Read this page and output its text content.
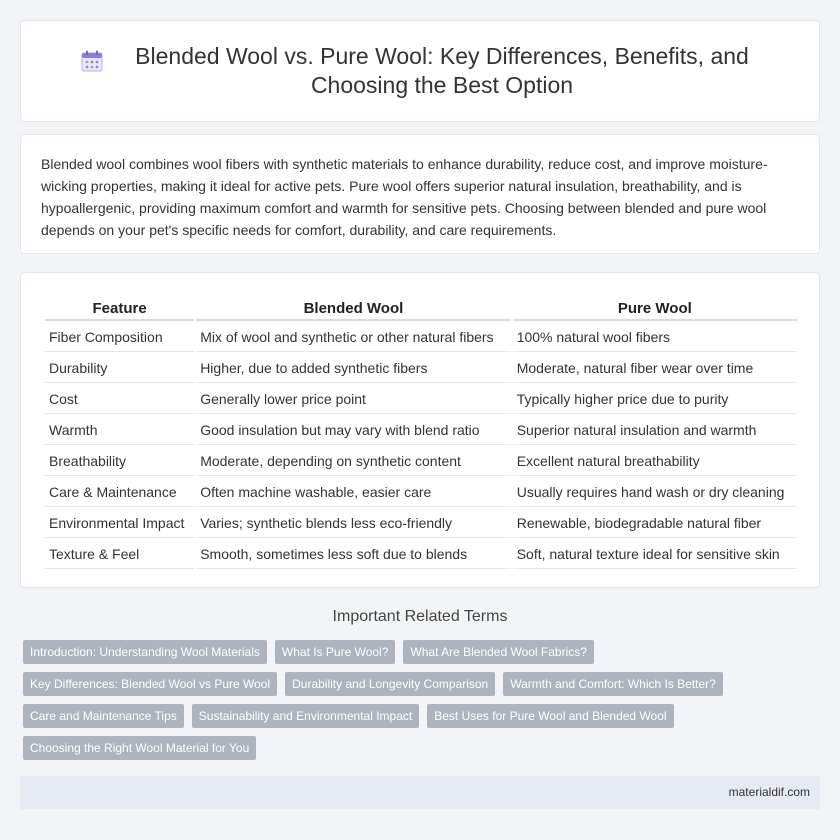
Blended Wool vs. Pure Wool: Key Differences, Benefits, and Choosing the Best Option

Blended wool combines wool fibers with synthetic materials to enhance durability, reduce cost, and improve moisture-wicking properties, making it ideal for active pets. Pure wool offers superior natural insulation, breathability, and is hypoallergenic, providing maximum comfort and warmth for sensitive pets. Choosing between blended and pure wool depends on your pet's specific needs for comfort, durability, and care requirements.

Feature	Blended Wool	Pure Wool
Fiber Composition	Mix of wool and synthetic or other natural fibers	100% natural wool fibers
Durability	Higher, due to added synthetic fibers	Moderate, natural fiber wear over time
Cost	Generally lower price point	Typically higher price due to purity
Warmth	Good insulation but may vary with blend ratio	Superior natural insulation and warmth
Breathability	Moderate, depending on synthetic content	Excellent natural breathability
Care & Maintenance	Often machine washable, easier care	Usually requires hand wash or dry cleaning
Environmental Impact	Varies; synthetic blends less eco-friendly	Renewable, biodegradable natural fiber
Texture & Feel	Smooth, sometimes less soft due to blends	Soft, natural texture ideal for sensitive skin
Important Related Terms
Introduction: Understanding Wool Materials	What Is Pure Wool?	What Are Blended Wool Fabrics?
Key Differences: Blended Wool vs Pure Wool	Durability and Longevity Comparison	Warmth and Comfort: Which Is Better?
Care and Maintenance Tips	Sustainability and Environmental Impact	Best Uses for Pure Wool and Blended Wool
Choosing the Right Wool Material for You
materialdif.com
